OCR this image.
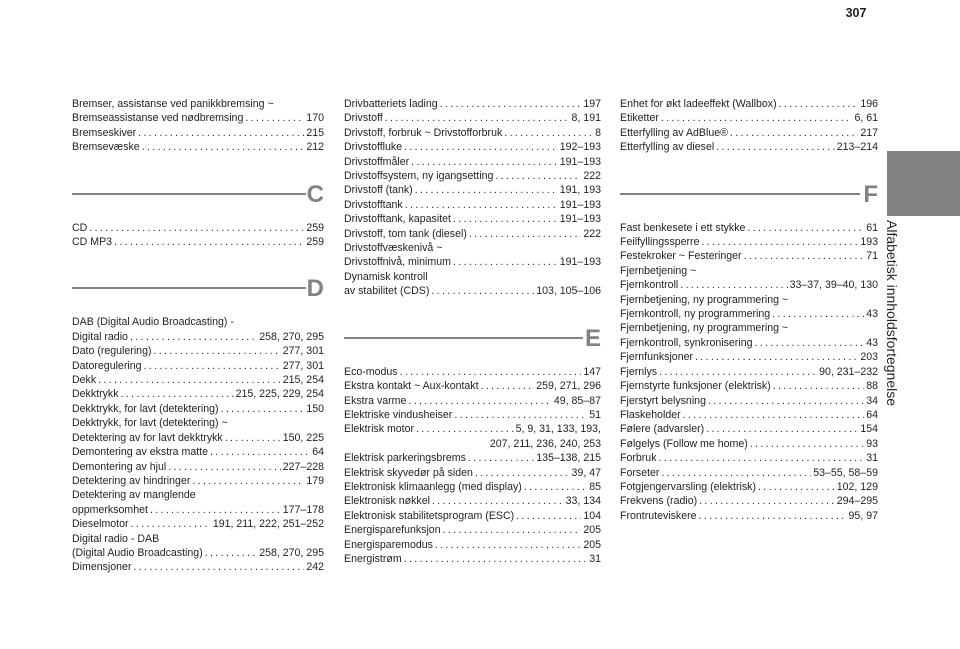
307
Alfabetisk innholdsfortegnelse
Bremser, assistanse ved panikkbremsing ~
Bremseassistanse ved nødbremsing . . .	170
Bremseskiver . . .	215
Bremsevæske . . .	212
C
CD . . .	259
CD MP3 . . .	259
D
DAB (Digital Audio Broadcasting) -
Digital radio . . .	258, 270, 295
Dato (regulering) . . .	277, 301
Datoregulering . . .	277, 301
Dekk . . .	215, 254
Dekktrykk . . .	215, 225, 229, 254
Dekktrykk, for lavt (detektering) . . .	150
Dekktrykk, for lavt (detektering) ~
Detektering av for lavt dekktrykk . . .	150, 225
Demontering av ekstra matte . . .	64
Demontering av hjul . . .	227–228
Detektering av hindringer . . .	179
Detektering av manglende
oppmerksomhet . . .	177–178
Dieselmotor . . .	191, 211, 222, 251–252
Digital radio - DAB
(Digital Audio Broadcasting) . . .	258, 270, 295
Dimensjoner . . .	242
Drivbatteriets lading . . .	197
Drivstoff . . .	8, 191
Drivstoff, forbruk ~ Drivstofforbruk . . .	8
Drivstoffluke . . .	192–193
Drivstoffmåler . . .	191–193
Drivstoffsystem, ny igangsetting . . .	222
Drivstoff (tank) . . .	191, 193
Drivstofftank . . .	191–193
Drivstofftank, kapasitet . . .	191–193
Drivstoff, tom tank (diesel) . . .	222
Drivstoffvæskenivå ~
Drivstoffnivå, minimum . . .	191–193
Dynamisk kontroll
av stabilitet (CDS) . . .	103, 105–106
E
Eco-modus . . .	147
Ekstra kontakt ~ Aux-kontakt . . .	259, 271, 296
Ekstra varme . . .	49, 85–87
Elektriske vindusheiser . . .	51
Elektrisk motor . . .	5, 9, 31, 133, 193,
207, 211, 236, 240, 253
Elektrisk parkeringsbrems . . .	135–138, 215
Elektrisk skyvedør på siden . . .	39, 47
Elektronisk klimaanlegg (med display) . . .	85
Elektronisk nøkkel . . .	33, 134
Elektronisk stabilitetsprogram (ESC) . . .	104
Energisparefunksjon . . .	205
Energisparemodus . . .	205
Energistrøm . . .	31
Enhet for økt ladeeffekt (Wallbox) . . .	196
Etiketter . . .	6, 61
Etterfylling av AdBlue® . . .	217
Etterfylling av diesel . . .	213–214
F
Fast benkesete i ett stykke . . .	61
Feilfyllingssperre . . .	193
Festekroker ~ Festeringer . . .	71
Fjernbetjening ~
Fjernkontroll . . .	33–37, 39–40, 130
Fjernbetjening, ny programmering ~
Fjernkontroll, ny programmering . . .	43
Fjernbetjening, ny programmering ~
Fjernkontroll, synkronisering . . .	43
Fjernfunksjoner . . .	203
Fjernlys . . .	90, 231–232
Fjernstyrte funksjoner (elektrisk) . . .	88
Fjerstyrt belysning . . .	34
Flaskeholder . . .	64
Følere (advarsler) . . .	154
Følgelys (Follow me home) . . .	93
Forbruk . . .	31
Forseter . . .	53–55, 58–59
Fotgjengervarsling (elektrisk) . . .	102, 129
Frekvens (radio) . . .	294–295
Frontruteviskere . . .	95, 97
